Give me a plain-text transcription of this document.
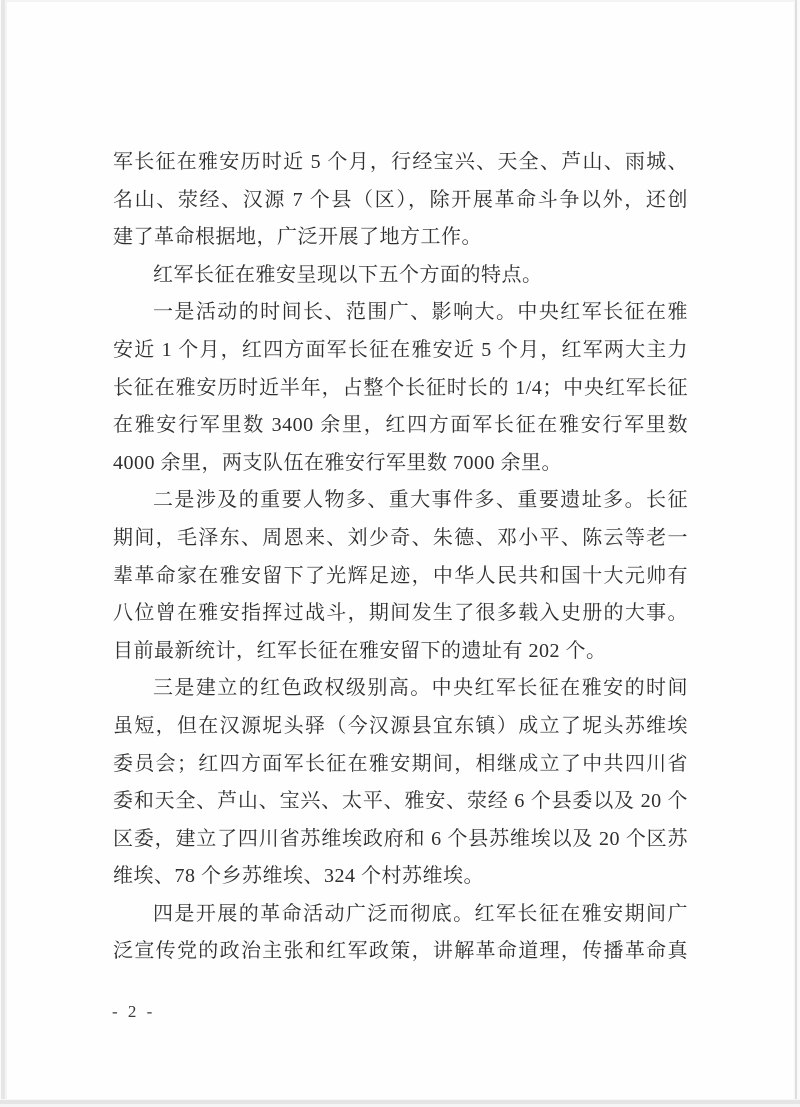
军长征在雅安历时近 5 个月，行经宝兴、天全、芦山、雨城、
名山、荥经、汉源 7 个县（区），除开展革命斗争以外，还创
建了革命根据地，广泛开展了地方工作。
红军长征在雅安呈现以下五个方面的特点。
一是活动的时间长、范围广、影响大。中央红军长征在雅
安近 1 个月，红四方面军长征在雅安近 5 个月，红军两大主力
长征在雅安历时近半年，占整个长征时长的 1/4；中央红军长征
在雅安行军里数 3400 余里，红四方面军长征在雅安行军里数
4000 余里，两支队伍在雅安行军里数 7000 余里。
二是涉及的重要人物多、重大事件多、重要遗址多。长征
期间，毛泽东、周恩来、刘少奇、朱德、邓小平、陈云等老一
辈革命家在雅安留下了光辉足迹，中华人民共和国十大元帅有
八位曾在雅安指挥过战斗，期间发生了很多载入史册的大事。
目前最新统计，红军长征在雅安留下的遗址有 202 个。
三是建立的红色政权级别高。中央红军长征在雅安的时间
虽短，但在汉源坭头驿（今汉源县宜东镇）成立了坭头苏维埃
委员会；红四方面军长征在雅安期间，相继成立了中共四川省
委和天全、芦山、宝兴、太平、雅安、荥经 6 个县委以及 20 个
区委，建立了四川省苏维埃政府和 6 个县苏维埃以及 20 个区苏
维埃、78 个乡苏维埃、324 个村苏维埃。
四是开展的革命活动广泛而彻底。红军长征在雅安期间广
泛宣传党的政治主张和红军政策，讲解革命道理，传播革命真
- 2 -
